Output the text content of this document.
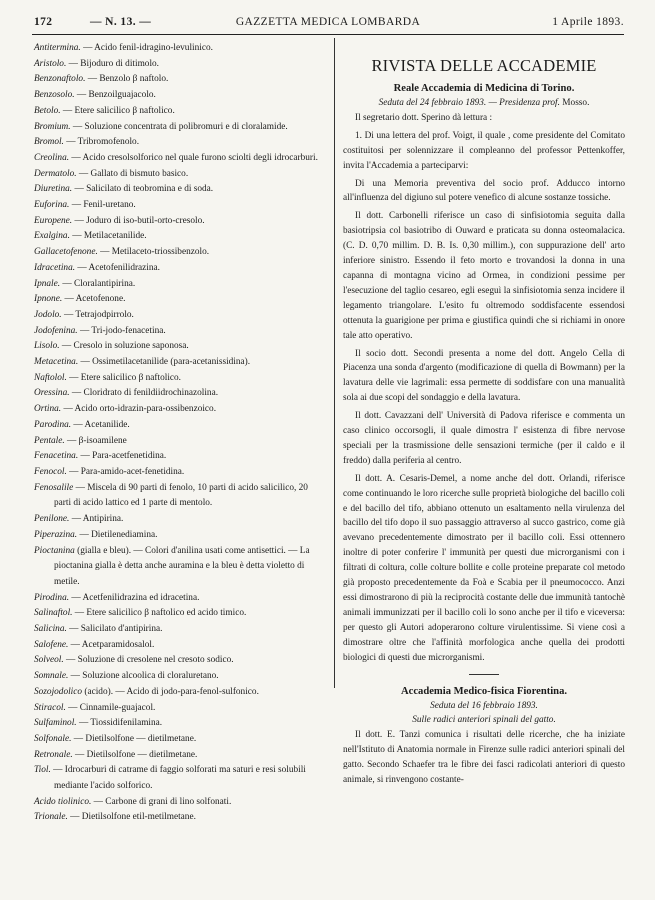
172	— N. 13. —	GAZZETTA MEDICA LOMBARDA	1 Aprile 1893.
Antitermina. — Acido fenil-idragino-levulinico.
Aristolo. — Bijoduro di ditimolo.
Benzonaftolo. — Benzolo β naftolo.
Benzosolo. — Benzoilguajacolo.
Betolo. — Etere salicilico β naftolico.
Bromium. — Soluzione concentrata di polibromuri e di cloralamide.
Bromol. — Tribromofenolo.
Creolina. — Acido cresolsolforico nel quale furono sciolti degli idrocarburi.
Dermatolo. — Gallato di bismuto basico.
Diuretina. — Salicilato di teobromina e di soda.
Euforina. — Fenil-uretano.
Europene. — Joduro di iso-butil-orto-cresolo.
Exalgina. — Metilacetanilide.
Gallacetofenone. — Metilaceto-triossibenzolo.
Idracetina. — Acetofenilidrazina.
Ipnale. — Cloralantipirina.
Ipnone. — Acetofenone.
Jodolo. — Tetrajodpirrolo.
Jodofenina. — Tri-jodo-fenacetina.
Lisolo. — Cresolo in soluzione saponosa.
Metacetina. — Ossimetilacetanilide (para-acetanissidina).
Naftolol. — Etere salicilico β naftolico.
Oressina. — Cloridrato di fenildiidrochinazolina.
Ortina. — Acido orto-idrazin-para-ossibenzoico.
Parodina. — Acetanilide.
Pentale. — β-isoamilene
Fenacetina. — Para-acetfenetidina.
Fenocol. — Para-amido-acet-fenetidina.
Fenosalile — Miscela di 90 parti di fenolo, 10 parti di acido salicilico, 20 parti di acido lattico ed 1 parte di mentolo.
Penilone. — Antipirina.
Piperazina. — Dietilenediamina.
Pioctanina (gialla e bleu). — Colori d'anilina usati come antisettici. — La pioctanina gialla è detta anche auramina e la bleu è detta violetto di metile.
Pirodina. — Acetfenilidrazina ed idracetina.
Salinaftol. — Etere salicilico β naftolico ed acido timico.
Salicina. — Salicilato d'antipirina.
Salofene. — Acetparamidosalol.
Solveol. — Soluzione di cresolene nel cresoto sodico.
Somnale. — Soluzione alcoolica di cloraluretano.
Sozojodolico (acido). — Acido di jodo-para-fenol-sulfonico.
Stiracol. — Cinnamile-guajacol.
Sulfaminol. — Tiossidifenilamina.
Solfonale. — Dietilsolfone — dietilmetane.
Retronale. — Dietilsolfone — dietilmetane.
Tiol. — Idrocarburi di catrame di faggio solforati ma saturi e resi solubili mediante l'acido solforico.
Acido tiolinico. — Carbone di grani di lino solfonati.
Trionale. — Dietilsolfone etil-metilmetane.
RIVISTA DELLE ACCADEMIE
Reale Accademia di Medicina di Torino.
Seduta del 24 febbraio 1893. — Presidenza prof. Mosso.

Il segretario dott. Sperino dà lettura :

1. Di una lettera del prof. Voigt, il quale , come presidente del Comitato costituitosi per solennizzare il compleanno del professor Pettenkoffer, invita l'Accademia a parteciparvi:

Di una Memoria preventiva del socio prof. Adducco intorno all'influenza del digiuno sul potere venefico di alcune sostanze tossiche.

Il dott. Carbonelli riferisce un caso di sinfisiotomia seguita dalla basiotripsia col basiotribo di Ouward e praticata su donna osteomalacica. (C. D. 0,70 millim. D. B. Is. 0,30 millim.), con suppurazione dell' arto inferiore sinistro. Essendo il feto morto e trovandosi la donna in una capanna di montagna vicino ad Ormea, in condizioni pessime per l'esecuzione del taglio cesareo, egli eseguì la sinfisiotomia senza incidere il legamento triangolare. L'esito fu oltremodo soddisfacente essendosi ottenuta la guarigione per prima e giustifica quindi che si richiami in onore tale atto operativo.

Il socio dott. Secondi presenta a nome del dott. Angelo Cella di Piacenza una sonda d'argento (modificazione di quella di Bowmann) per la lavatura delle vie lagrimali: essa permette di soddisfare con una manualità sola ai due scopi del sondaggio e della lavatura.

Il dott. Cavazzani dell' Università di Padova riferisce e commenta un caso clinico occorsogli, il quale dimostra l' esistenza di fibre nervose speciali per la trasmissione delle sensazioni termiche (per il caldo e il freddo) dalla periferia al centro.

Il dott. A. Cesaris-Demel, a nome anche del dott. Orlandi, riferisce come continuando le loro ricerche sulle proprietà biologiche del bacillo coli e del bacillo del tifo, abbiano ottenuto un esaltamento nella virulenza del bacillo del tifo dopo il suo passaggio attraverso al succo gastrico, come già avevano precedentemente dimostrato per il bacillo coli. Essi ottennero inoltre di poter conferire l' immunità per questi due microrganismi con i filtrati di coltura, colle colture bollite e colle proteine preparate col metodo già proposto precedentemente da Foà e Scabia per il pneumococco. Anzi essi dimostrarono di più la reciprocità costante delle due immunità tantochè animali immunizzati per il bacillo coli lo sono anche per il tifo e viceversa: per questo gli Autori adoperarono colture virulentissime. Si viene così a dimostrare oltre che l'affinità morfologica anche quella dei prodotti biologici di questi due microrganismi.

Accademia Medico-fisica Fiorentina.
Seduta del 16 febbraio 1893.
Sulle radici anteriori spinali del gatto.

Il dott. E. Tanzi comunica i risultati delle ricerche, che ha iniziate nell'Istituto di Anatomia normale in Firenze sulle radici anteriori spinali del gatto. Secondo Schaefer tra le fibre dei fasci radicolati anteriori di questo animale, si rinvengono costante-
